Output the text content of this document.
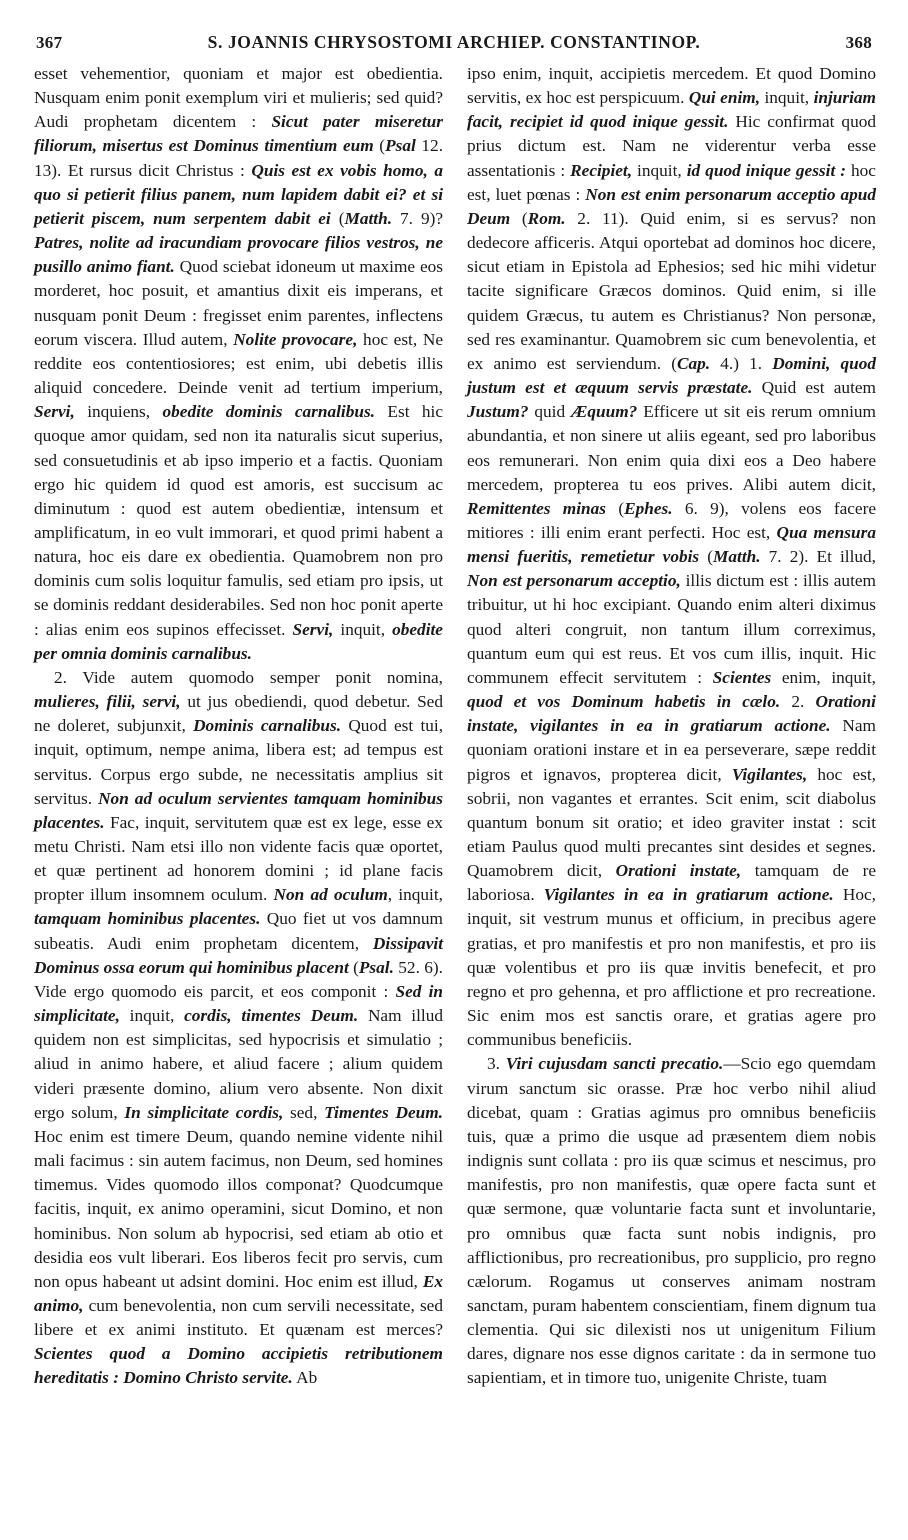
367	S. JOANNIS CHRYSOSTOMI ARCHIEP. CONSTANTINOP.	368

esset vehementior, quoniam et major est obedientia. Nusquam enim ponit exemplum viri et mulieris; sed quid? Audi prophetam dicentem : Sicut pater miseretur filiorum, misertus est Dominus timentium eum (Psal 12. 13). Et rursus dicit Christus : Quis est ex vobis homo, a quo si petierit filius panem, num lapidem dabit ei? et si petierit piscem, num serpentem dabit ei (Matth. 7. 9)? Patres, nolite ad iracundiam provocare filios vestros, ne pusillo animo fiant. Quod sciebat idoneum ut maxime eos morderet, hoc posuit, et amantius dixit eis imperans, et nusquam ponit Deum : fregisset enim parentes, inflectens eorum viscera. Illud autem, Nolite provocare, hoc est, Ne reddite eos contentiosiores; est enim, ubi debetis illis aliquid concedere. Deinde venit ad tertium imperium, Servi, inquiens, obedite dominis carnalibus. Est hic quoque amor quidam, sed non ita naturalis sicut superius, sed consuetudinis et ab ipso imperio et a factis. Quoniam ergo hic quidem id quod est amoris, est succisum ac diminutum : quod est autem obedientiæ, intensum et amplificatum, in eo vult immorari, et quod primi habent a natura, hoc eis dare ex obedientia. Quamobrem non pro dominis cum solis loquitur famulis, sed etiam pro ipsis, ut se dominis reddant desiderabiles. Sed non hoc ponit aperte : alias enim eos supinos effecisset. Servi, inquit, obedite per omnia dominis carnalibus.

2. Vide autem quomodo semper ponit nomina, mulieres, filii, servi, ut jus obediendi, quod debetur. Sed ne doleret, subjunxit, Dominis carnalibus. Quod est tui, inquit, optimum, nempe anima, libera est; ad tempus est servitus. Corpus ergo subde, ne necessitatis amplius sit servitus. Non ad oculum servientes tamquam hominibus placentes. Fac, inquit, servitutem quæ est ex lege, esse ex metu Christi. Nam etsi illo non vidente facis quæ oportet, et quæ pertinent ad honorem domini ; id plane facis propter illum insomnem oculum. Non ad oculum, inquit, tamquam hominibus placentes. Quo fiet ut vos damnum subeatis. Audi enim prophetam dicentem, Dissipavit Dominus ossa eorum qui hominibus placent (Psal. 52. 6). Vide ergo quomodo eis parcit, et eos componit : Sed in simplicitate, inquit, cordis, timentes Deum. Nam illud quidem non est simplicitas, sed hypocrisis et simulatio ; aliud in animo habere, et aliud facere ; alium quidem videri præsente domino, alium vero absente. Non dixit ergo solum, In simplicitate cordis, sed, Timentes Deum. Hoc enim est timere Deum, quando nemine vidente nihil mali facimus : sin autem facimus, non Deum, sed homines timemus. Vides quomodo illos componat? Quodcumque facitis, inquit, ex animo operamini, sicut Domino, et non hominibus. Non solum ab hypocrisi, sed etiam ab otio et desidia eos vult liberari. Eos liberos fecit pro servis, cum non opus habeant ut adsint domini. Hoc enim est illud, Ex animo, cum benevolentia, non cum servili necessitate, sed libere et ex animi instituto. Et quænam est merces? Scientes quod a Domino accipietis retributionem hereditatis : Domino Christo servite. Ab

ipso enim, inquit, accipietis mercedem. Et quod Domino servitis, ex hoc est perspicuum. Qui enim, inquit, injuriam facit, recipiet id quod inique gessit. Hic confirmat quod prius dictum est. Nam ne viderentur verba esse assentationis : Recipiet, inquit, id quod inique gessit : hoc est, luet pœnas : Non est enim personarum acceptio apud Deum (Rom. 2. 11). Quid enim, si es servus? non dedecore afficeris. Atqui oportebat ad dominos hoc dicere, sicut etiam in Epistola ad Ephesios; sed hic mihi videtur tacite significare Græcos dominos. Quid enim, si ille quidem Græcus, tu autem es Christianus? Non personæ, sed res examinantur. Quamobrem sic cum benevolentia, et ex animo est serviendum. (Cap. 4.) 1. Domini, quod justum est et æquum servis præstate. Quid est autem Justum? quid Æquum? Efficere ut sit eis rerum omnium abundantia, et non sinere ut aliis egeant, sed pro laboribus eos remunerari. Non enim quia dixi eos a Deo habere mercedem, propterea tu eos prives. Alibi autem dicit, Remittentes minas (Ephes. 6. 9), volens eos facere mitiores : illi enim erant perfecti. Hoc est, Qua mensura mensi fueritis, remetietur vobis (Matth. 7. 2). Et illud, Non est personarum acceptio, illis dictum est : illis autem tribuitur, ut hi hoc excipiant. Quando enim alteri diximus quod alteri congruit, non tantum illum correximus, quantum eum qui est reus. Et vos cum illis, inquit. Hic communem effecit servitutem : Scientes enim, inquit, quod et vos Dominum habetis in cælo. 2. Orationi instate, vigilantes in ea in gratiarum actione. Nam quoniam orationi instare et in ea perseverare, sæpe reddit pigros et ignavos, propterea dicit, Vigilantes, hoc est, sobrii, non vagantes et errantes. Scit enim, scit diabolus quantum bonum sit oratio; et ideo graviter instat : scit etiam Paulus quod multi precantes sint desides et segnes. Quamobrem dicit, Orationi instate, tamquam de re laboriosa. Vigilantes in ea in gratiarum actione. Hoc, inquit, sit vestrum munus et officium, in precibus agere gratias, et pro manifestis et pro non manifestis, et pro iis quæ volentibus et pro iis quæ invitis benefecit, et pro regno et pro gehenna, et pro afflictione et pro recreatione. Sic enim mos est sanctis orare, et gratias agere pro communibus beneficiis.

3. Viri cujusdam sancti precatio.—Scio ego quemdam virum sanctum sic orasse. Præ hoc verbo nihil aliud dicebat, quam : Gratias agimus pro omnibus beneficiis tuis, quæ a primo die usque ad præsentem diem nobis indignis sunt collata : pro iis quæ scimus et nescimus, pro manifestis, pro non manifestis, quæ opere facta sunt et quæ sermone, quæ voluntarie facta sunt et involuntarie, pro omnibus quæ facta sunt nobis indignis, pro afflictionibus, pro recreationibus, pro supplicio, pro regno cælorum. Rogamus ut conserves animam nostram sanctam, puram habentem conscientiam, finem dignum tua clementia. Qui sic dilexisti nos ut unigenitum Filium dares, dignare nos esse dignos caritate : da in sermone tuo sapientiam, et in timore tuo, unigenite Christe, tuam
